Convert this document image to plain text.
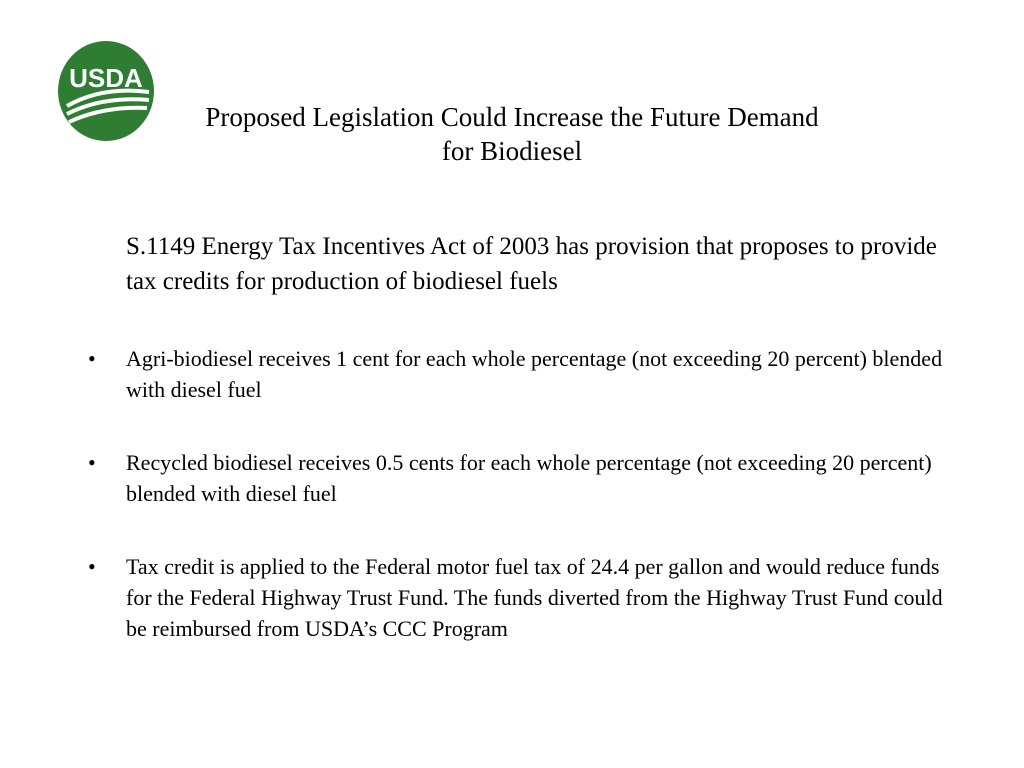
USDA
Proposed Legislation Could Increase the Future Demand
for Biodiesel
S.1149 Energy Tax Incentives Act of 2003 has provision that proposes to provide tax credits for production of biodiesel fuels
• Agri-biodiesel receives 1 cent for each whole percentage (not exceeding 20 percent) blended with diesel fuel
• Recycled biodiesel receives 0.5 cents for each whole percentage (not exceeding 20 percent) blended with diesel fuel
• Tax credit is applied to the Federal motor fuel tax of 24.4 per gallon and would reduce funds for the Federal Highway Trust Fund. The funds diverted from the Highway Trust Fund could be reimbursed from USDA’s CCC Program
